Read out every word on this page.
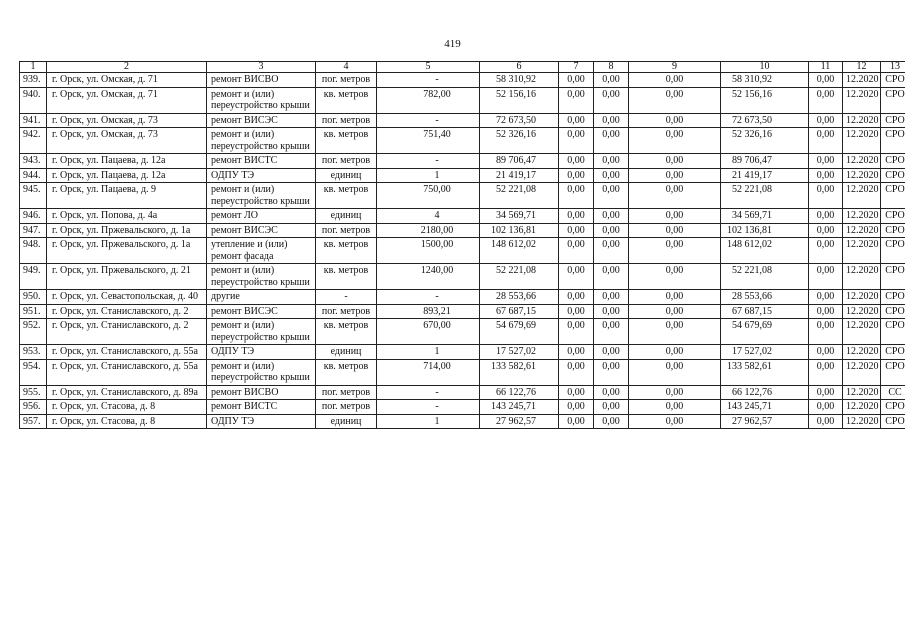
419
1	2	3	4	5	6	7	8	9	10	11	12	13
939.	г. Орск, ул. Омская, д. 71	ремонт ВИСВО	пог. метров	-	58 310,92	0,00	0,00	0,00	58 310,92	0,00	12.2020	СРО
940.	г. Орск, ул. Омская, д. 71	ремонт и (или) переустройство крыши	кв. метров	782,00	52 156,16	0,00	0,00	0,00	52 156,16	0,00	12.2020	СРО
941.	г. Орск, ул. Омская, д. 73	ремонт ВИСЭС	пог. метров	-	72 673,50	0,00	0,00	0,00	72 673,50	0,00	12.2020	СРО
942.	г. Орск, ул. Омская, д. 73	ремонт и (или) переустройство крыши	кв. метров	751,40	52 326,16	0,00	0,00	0,00	52 326,16	0,00	12.2020	СРО
943.	г. Орск, ул. Пацаева, д. 12а	ремонт ВИСТС	пог. метров	-	89 706,47	0,00	0,00	0,00	89 706,47	0,00	12.2020	СРО
944.	г. Орск, ул. Пацаева, д. 12а	ОДПУ ТЭ	единиц	1	21 419,17	0,00	0,00	0,00	21 419,17	0,00	12.2020	СРО
945.	г. Орск, ул. Пацаева, д. 9	ремонт и (или) переустройство крыши	кв. метров	750,00	52 221,08	0,00	0,00	0,00	52 221,08	0,00	12.2020	СРО
946.	г. Орск, ул. Попова, д. 4а	ремонт ЛО	единиц	4	34 569,71	0,00	0,00	0,00	34 569,71	0,00	12.2020	СРО
947.	г. Орск, ул. Пржевальского, д. 1а	ремонт ВИСЭС	пог. метров	2180,00	102 136,81	0,00	0,00	0,00	102 136,81	0,00	12.2020	СРО
948.	г. Орск, ул. Пржевальского, д. 1а	утепление и (или) ремонт фасада	кв. метров	1500,00	148 612,02	0,00	0,00	0,00	148 612,02	0,00	12.2020	СРО
949.	г. Орск, ул. Пржевальского, д. 21	ремонт и (или) переустройство крыши	кв. метров	1240,00	52 221,08	0,00	0,00	0,00	52 221,08	0,00	12.2020	СРО
950.	г. Орск, ул. Севастопольская, д. 40	другие	-	-	28 553,66	0,00	0,00	0,00	28 553,66	0,00	12.2020	СРО
951.	г. Орск, ул. Станиславского, д. 2	ремонт ВИСЭС	пог. метров	893,21	67 687,15	0,00	0,00	0,00	67 687,15	0,00	12.2020	СРО
952.	г. Орск, ул. Станиславского, д. 2	ремонт и (или) переустройство крыши	кв. метров	670,00	54 679,69	0,00	0,00	0,00	54 679,69	0,00	12.2020	СРО
953.	г. Орск, ул. Станиславского, д. 55а	ОДПУ ТЭ	единиц	1	17 527,02	0,00	0,00	0,00	17 527,02	0,00	12.2020	СРО
954.	г. Орск, ул. Станиславского, д. 55а	ремонт и (или) переустройство крыши	кв. метров	714,00	133 582,61	0,00	0,00	0,00	133 582,61	0,00	12.2020	СРО
955.	г. Орск, ул. Станиславского, д. 89а	ремонт ВИСВО	пог. метров	-	66 122,76	0,00	0,00	0,00	66 122,76	0,00	12.2020	СС
956.	г. Орск, ул. Стасова, д. 8	ремонт ВИСТС	пог. метров	-	143 245,71	0,00	0,00	0,00	143 245,71	0,00	12.2020	СРО
957.	г. Орск, ул. Стасова, д. 8	ОДПУ ТЭ	единиц	1	27 962,57	0,00	0,00	0,00	27 962,57	0,00	12.2020	СРО
